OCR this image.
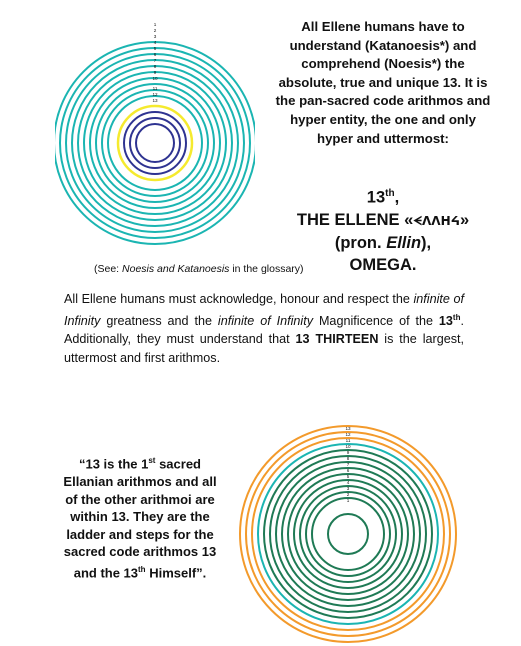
1
2
3
4
5
6
7
8
9
10
11
12
13
All Ellene humans have to understand (Katanoesis*) and comprehend (Noesis*) the absolute, true and unique 13. It is the pan-sacred code arithmos and hyper entity, the one and only hyper and uttermost:
13th,
THE ELLENE «ᗕᐱᐱᕼᔦ»
(pron. Ellin),
OMEGA.
(See: Noesis and Katanoesis in the glossary)
All Ellene humans must acknowledge, honour and respect the infinite of Infinity greatness and the infinite of Infinity Magnificence of the 13th. Additionally, they must understand that 13 THIRTEEN is the largest, uttermost and first arithmos.
“13 is the 1st sacred Ellanian arithmos and all of the other arithmoi are within 13. They are the ladder and steps for the sacred code arithmos 13 and the 13th Himself”.
13
12
11
10
9
8
7
6
5
4
3
2
1
